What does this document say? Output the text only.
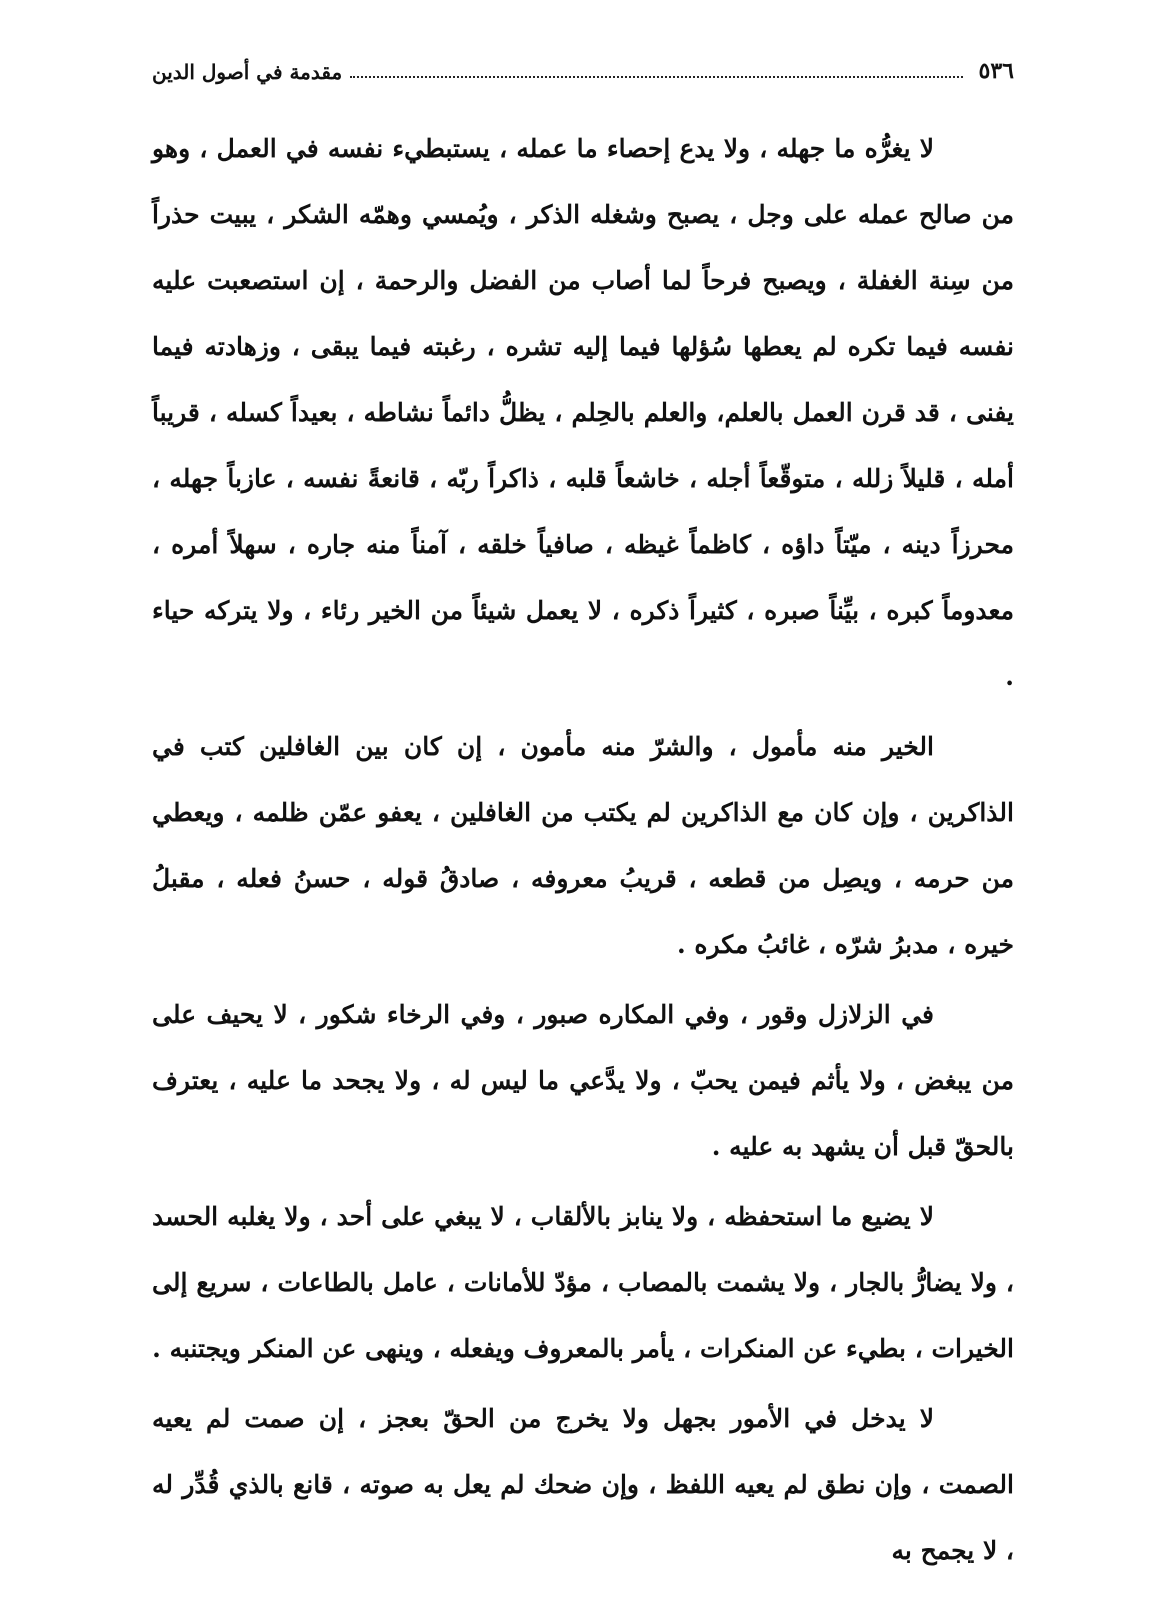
٥٣٦
مقدمة في أصول الدين

لا يغرُّه ما جهله ، ولا يدع إحصاء ما عمله ، يستبطيء نفسه في العمل ، وهو من صالح عمله على وجل ، يصبح وشغله الذكر ، ويُمسي وهمّه الشكر ، يبيت حذراً من سِنة الغفلة ، ويصبح فرحاً لما أصاب من الفضل والرحمة ، إن استصعبت عليه نفسه فيما تكره لم يعطها سُؤلها فيما إليه تشره ، رغبته فيما يبقى ، وزهادته فيما يفنى ، قد قرن العمل بالعلم، والعلم بالحِلم ، يظلُّ دائماً نشاطه ، بعيداً كسله ، قريباً أمله ، قليلاً زلله ، متوقّعاً أجله ، خاشعاً قلبه ، ذاكراً ربّه ، قانعةً نفسه ، عازباً جهله ، محرزاً دينه ، ميّتاً داؤه ، كاظماً غيظه ، صافياً خلقه ، آمناً منه جاره ، سهلاً أمره ، معدوماً كبره ، بيِّناً صبره ، كثيراً ذكره ، لا يعمل شيئاً من الخير رئاء ، ولا يتركه حياء .

الخير منه مأمول ، والشرّ منه مأمون ، إن كان بين الغافلين كتب في الذاكرين ، وإن كان مع الذاكرين لم يكتب من الغافلين ، يعفو عمّن ظلمه ، ويعطي من حرمه ، ويصِل من قطعه ، قريبُ معروفه ، صادقُ قوله ، حسنُ فعله ، مقبلُ خيره ، مدبرُ شرّه ، غائبُ مكره .

في الزلازل وقور ، وفي المكاره صبور ، وفي الرخاء شكور ، لا يحيف على من يبغض ، ولا يأثم فيمن يحبّ ، ولا يدَّعي ما ليس له ، ولا يجحد ما عليه ، يعترف بالحقّ قبل أن يشهد به عليه .

لا يضيع ما استحفظه ، ولا ينابز بالألقاب ، لا يبغي على أحد ، ولا يغلبه الحسد ، ولا يضارُّ بالجار ، ولا يشمت بالمصاب ، مؤدّ للأمانات ، عامل بالطاعات ، سريع إلى الخيرات ، بطيء عن المنكرات ، يأمر بالمعروف ويفعله ، وينهى عن المنكر ويجتنبه .

لا يدخل في الأمور بجهل ولا يخرج من الحقّ بعجز ، إن صمت لم يعيه الصمت ، وإن نطق لم يعيه اللفظ ، وإن ضحك لم يعل به صوته ، قانع بالذي قُدِّر له ، لا يجمح به
